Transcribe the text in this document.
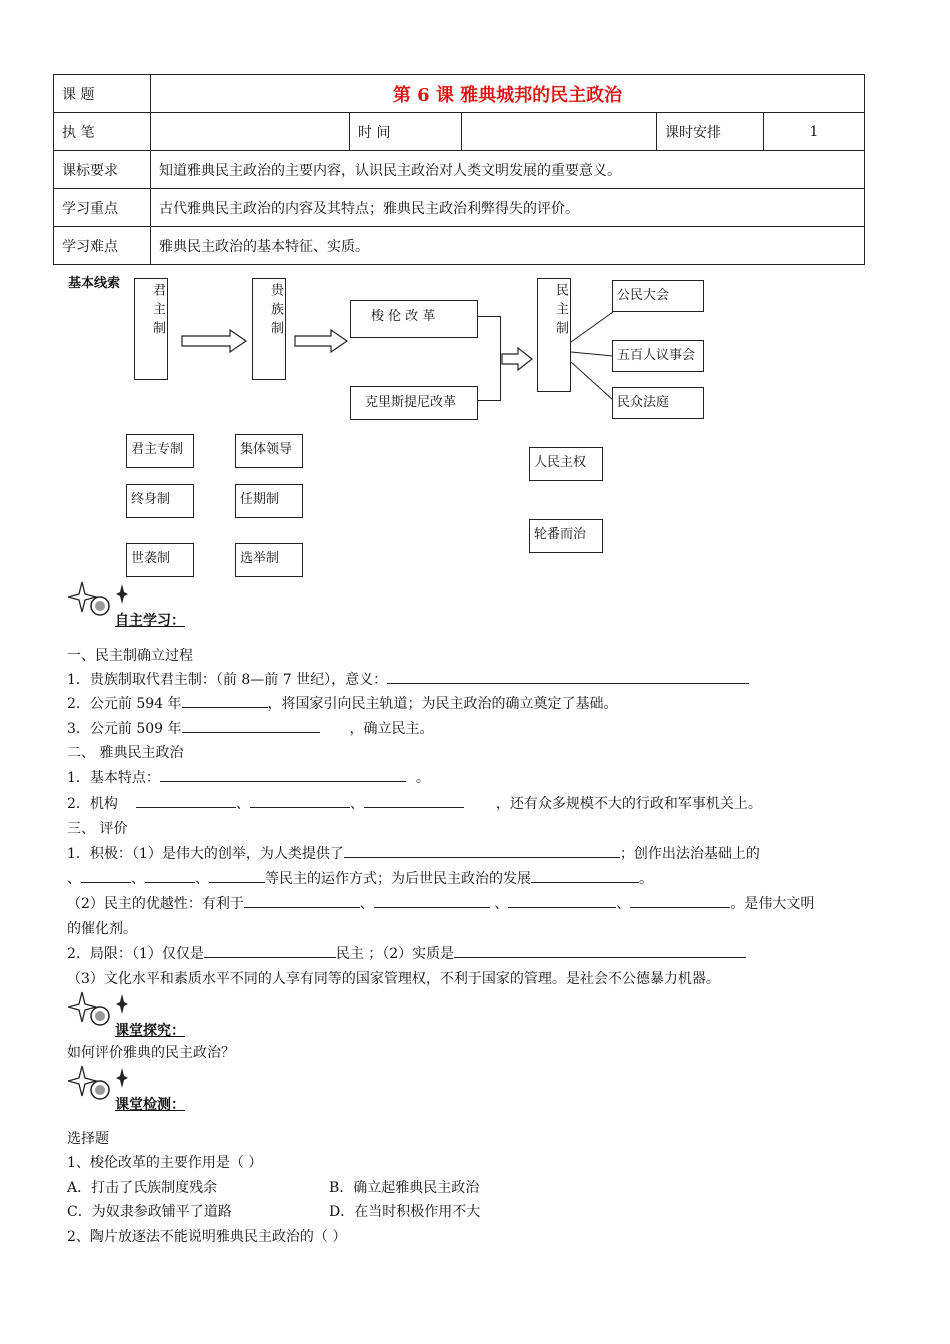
课 题	第 6 课 雅典城邦的民主政治				
执 笔		时 间		课时安排	1
课标要求	知道雅典民主政治的主要内容，认识民主政治对人类文明发展的重要意义。				
学习重点	古代雅典民主政治的内容及其特点；雅典民主政治利弊得失的评价。				
学习难点	雅典民主政治的基本特征、实质。				
基本线索	君主制	贵族制	梭 伦 改 革
克里斯提尼改革
民主制	公民大会
五百人议事会
民众法庭
君主专制
终身制
世袭制
集体领导
任期制
选举制
人民主权
轮番而治
自主学习：
一、民主制确立过程
1．贵族制取代君主制：（前 8—前 7 世纪），意义：
2．公元前 594 年	，将国家引向民主轨道；为民主政治的确立奠定了基础。
3．公元前 509 年	，确立民主。
二、 雅典民主政治
1．基本特点：	。
2．机构	、	、	，还有众多规模不大的行政和军事机关上。
三、 评价
1．积极：（1）是伟大的创举，为人类提供了	；创作出法治基础上的
、	、	、	等民主的运作方式；为后世民主政治的发展	。
（2）民主的优越性：有利于	、	、	、	。是伟大文明
的催化剂。
2．局限：（1）仅仅是	民主 ；（2）实质是
（3）文化水平和素质水平不同的人享有同等的国家管理权，不利于国家的管理。是社会不公德暴力机器。
课堂探究：
如何评价雅典的民主政治？
课堂检测：
选择题
1、梭伦改革的主要作用是（ ）
A．打击了氏族制度残余	B．确立起雅典民主政治
C．为奴隶参政铺平了道路	D．在当时积极作用不大
2、陶片放逐法不能说明雅典民主政治的（ ）
